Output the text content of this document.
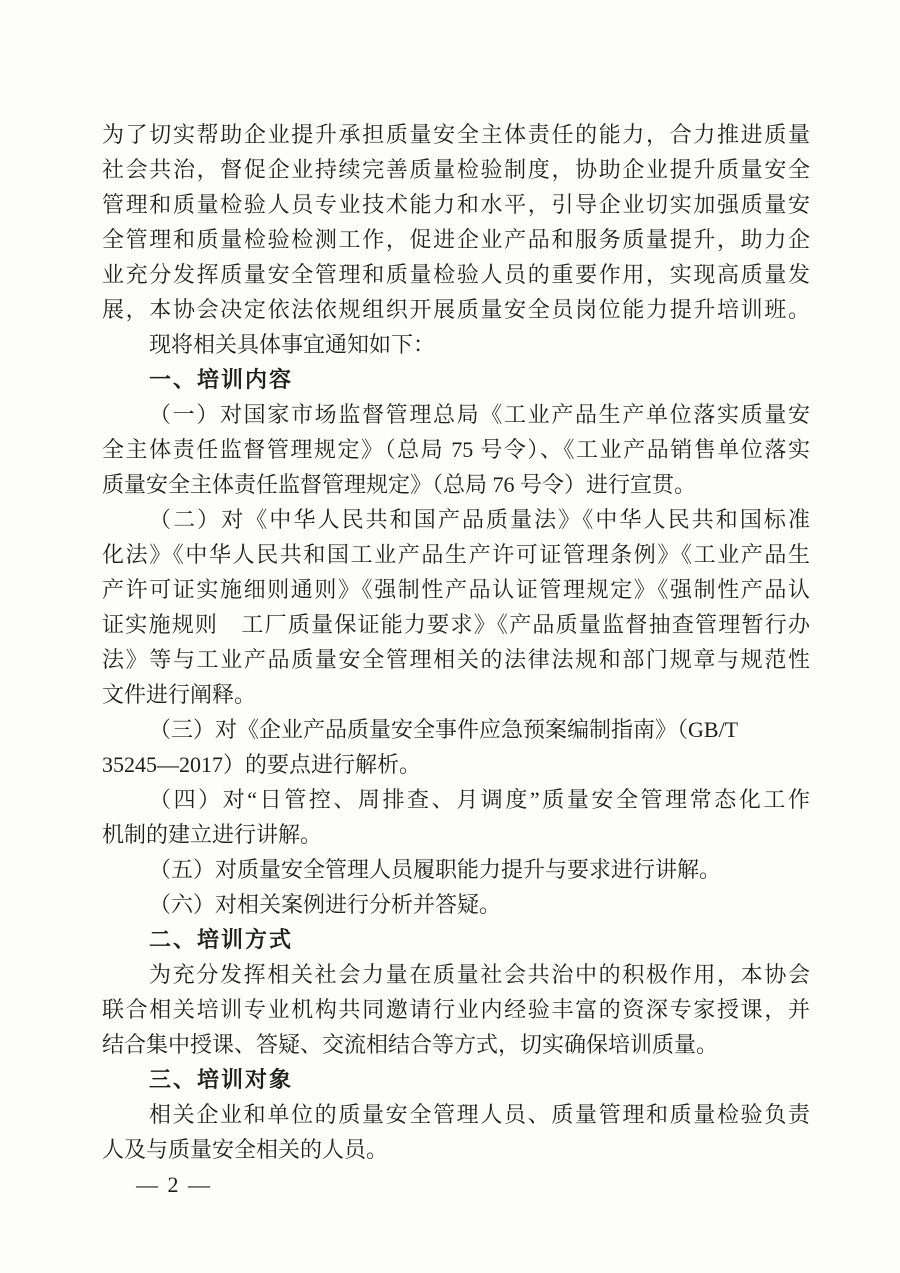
为了切实帮助企业提升承担质量安全主体责任的能力，合力推进质量
社会共治，督促企业持续完善质量检验制度，协助企业提升质量安全
管理和质量检验人员专业技术能力和水平，引导企业切实加强质量安
全管理和质量检验检测工作，促进企业产品和服务质量提升，助力企
业充分发挥质量安全管理和质量检验人员的重要作用，实现高质量发
展，本协会决定依法依规组织开展质量安全员岗位能力提升培训班。
现将相关具体事宜通知如下：
一、培训内容
（一）对国家市场监督管理总局《工业产品生产单位落实质量安
全主体责任监督管理规定》（总局 75 号令）、《工业产品销售单位落实
质量安全主体责任监督管理规定》（总局 76 号令）进行宣贯。
（二）对《中华人民共和国产品质量法》《中华人民共和国标准
化法》《中华人民共和国工业产品生产许可证管理条例》《工业产品生
产许可证实施细则通则》《强制性产品认证管理规定》《强制性产品认
证实施规则　工厂质量保证能力要求》《产品质量监督抽查管理暂行办
法》等与工业产品质量安全管理相关的法律法规和部门规章与规范性
文件进行阐释。
（三）对《企业产品质量安全事件应急预案编制指南》（GB/T
35245—2017）的要点进行解析。
（四）对“日管控、周排查、月调度”质量安全管理常态化工作
机制的建立进行讲解。
（五）对质量安全管理人员履职能力提升与要求进行讲解。
（六）对相关案例进行分析并答疑。
二、培训方式
为充分发挥相关社会力量在质量社会共治中的积极作用，本协会
联合相关培训专业机构共同邀请行业内经验丰富的资深专家授课，并
结合集中授课、答疑、交流相结合等方式，切实确保培训质量。
三、培训对象
相关企业和单位的质量安全管理人员、质量管理和质量检验负责
人及与质量安全相关的人员。
— 2 —
